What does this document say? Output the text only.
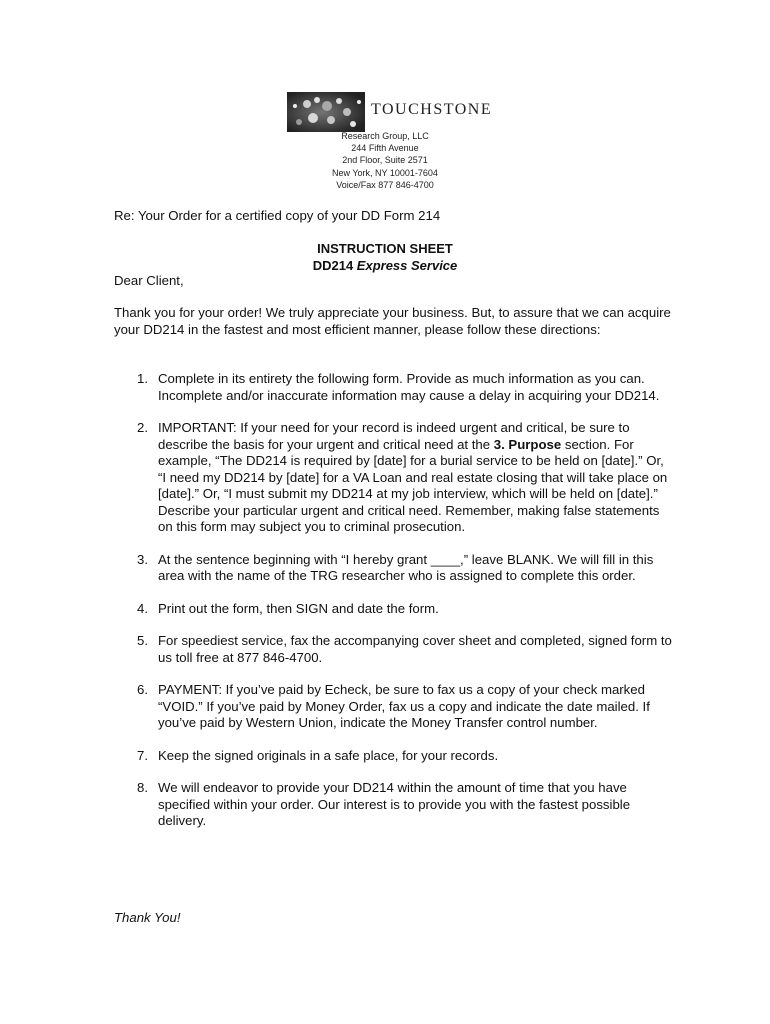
TOUCHSTONE
Research Group, LLC
244 Fifth Avenue
2nd Floor, Suite 2571
New York, NY 10001-7604
Voice/Fax 877 846-4700
Re: Your Order for a certified copy of your DD Form 214
INSTRUCTION SHEET
DD214 Express Service
Dear Client,
Thank you for your order! We truly appreciate your business. But, to assure that we can acquire your DD214 in the fastest and most efficient manner, please follow these directions:
1. Complete in its entirety the following form. Provide as much information as you can. Incomplete and/or inaccurate information may cause a delay in acquiring your DD214.
2. IMPORTANT: If your need for your record is indeed urgent and critical, be sure to describe the basis for your urgent and critical need at the 3. Purpose section. For example, “The DD214 is required by [date] for a burial service to be held on [date].” Or, “I need my DD214 by [date] for a VA Loan and real estate closing that will take place on [date].” Or, “I must submit my DD214 at my job interview, which will be held on [date].” Describe your particular urgent and critical need. Remember, making false statements on this form may subject you to criminal prosecution.
3. At the sentence beginning with “I hereby grant ____,” leave BLANK. We will fill in this area with the name of the TRG researcher who is assigned to complete this order.
4. Print out the form, then SIGN and date the form.
5. For speediest service, fax the accompanying cover sheet and completed, signed form to us toll free at 877 846-4700.
6. PAYMENT: If you’ve paid by Echeck, be sure to fax us a copy of your check marked “VOID.” If you’ve paid by Money Order, fax us a copy and indicate the date mailed. If you’ve paid by Western Union, indicate the Money Transfer control number.
7. Keep the signed originals in a safe place, for your records.
8. We will endeavor to provide your DD214 within the amount of time that you have specified within your order. Our interest is to provide you with the fastest possible delivery.
Thank You!
